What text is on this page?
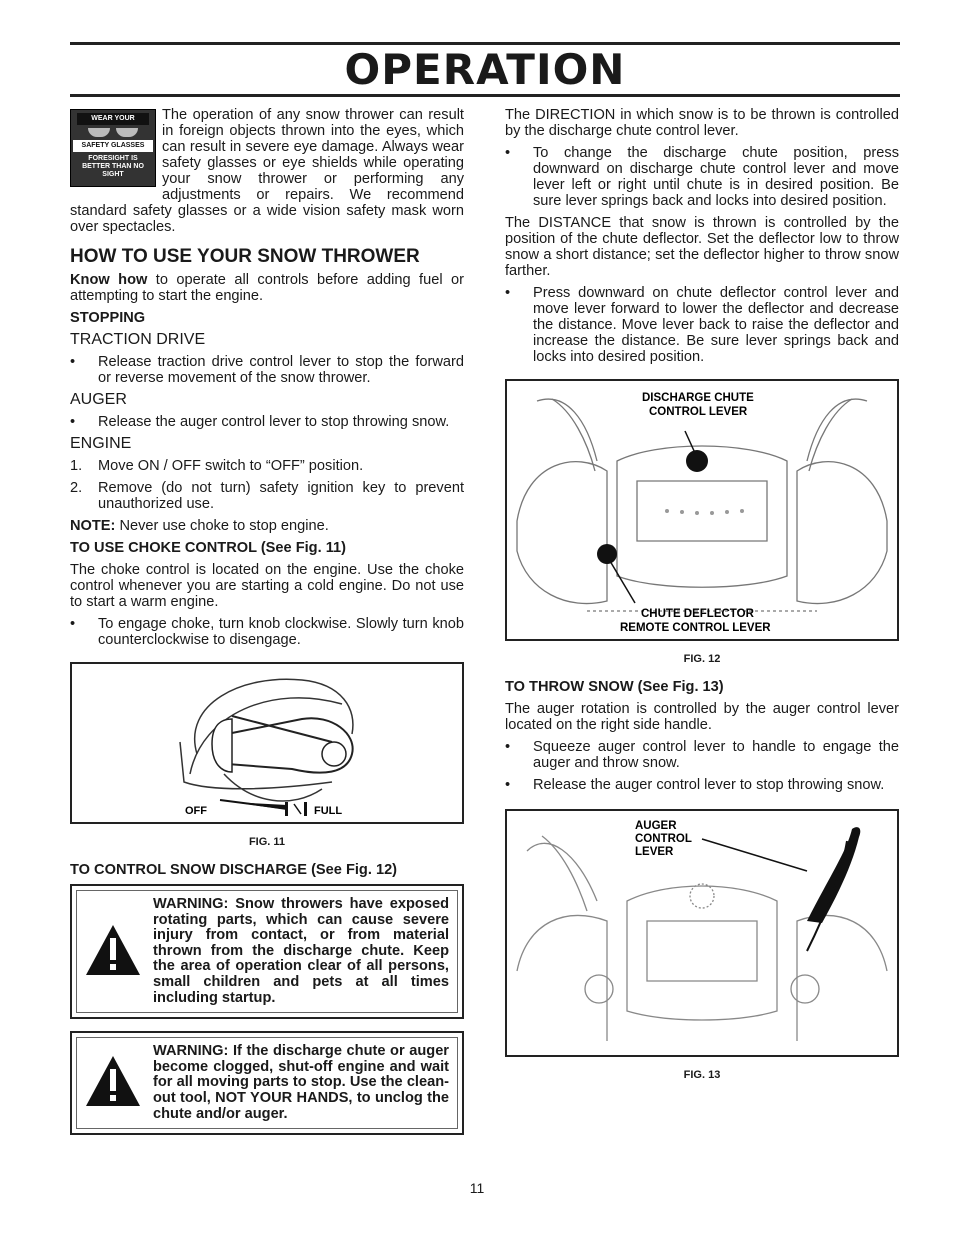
OPERATION
WEAR YOUR
SAFETY GLASSES
FORESIGHT IS BETTER THAN NO SIGHT
The operation of any snow thrower can result in foreign objects thrown into the eyes, which can result in severe eye damage. Always wear safety glasses or eye shields while operating your snow thrower or performing any adjustments or repairs. We recommend standard safety glasses or a wide vision safety mask worn over spectacles.
HOW TO USE YOUR SNOW THROWER
Know how to operate all controls before adding fuel or attempting to start the engine.
STOPPING
TRACTION DRIVE
•	Release traction drive control lever to stop the forward or reverse movement of the snow thrower.
AUGER
•	Release the auger control lever to stop throwing snow.
ENGINE
1.	Move ON / OFF switch to “OFF” position.
2.	Remove (do not turn) safety ignition key to prevent unauthorized use.
NOTE: Never use choke to stop engine.
TO USE CHOKE CONTROL (See Fig. 11)
The choke control is located on the engine. Use the choke control whenever you are starting a cold engine. Do not use to start a warm engine.
•	To engage choke, turn knob clockwise. Slowly turn knob counterclockwise to disengage.
OFF	FULL
FIG. 11
TO CONTROL SNOW DISCHARGE (See Fig. 12)
WARNING: Snow throwers have exposed rotating parts, which can cause severe injury from contact, or from material thrown from the discharge chute. Keep the area of operation clear of all persons, small children and pets at all times including startup.
WARNING: If the discharge chute or auger become clogged, shut-off engine and wait for all moving parts to stop. Use the clean-out tool, NOT YOUR HANDS, to unclog the chute and/or auger.
The DIRECTION in which snow is to be thrown is controlled by the discharge chute control lever.
•	To change the discharge chute position, press downward on discharge chute control lever and move lever left or right until chute is in desired position. Be sure lever springs back and locks into desired position.
The DISTANCE that snow is thrown is controlled by the position of the chute deflector. Set the deflector low to throw snow a short distance; set the deflector higher to throw snow farther.
•	Press downward on chute deflector control lever and move lever forward to lower the deflector and decrease the distance. Move lever back to raise the deflector and increase the distance. Be sure lever springs back and locks into desired position.
DISCHARGE CHUTE
CONTROL LEVER
CHUTE DEFLECTOR
REMOTE CONTROL LEVER
FIG. 12
TO THROW SNOW (See Fig. 13)
The auger rotation is controlled by the auger control lever located on the right side handle.
•	Squeeze auger control lever to handle to engage the auger and throw snow.
•	Release the auger control lever to stop throwing snow.
AUGER
CONTROL
LEVER
FIG. 13
11
